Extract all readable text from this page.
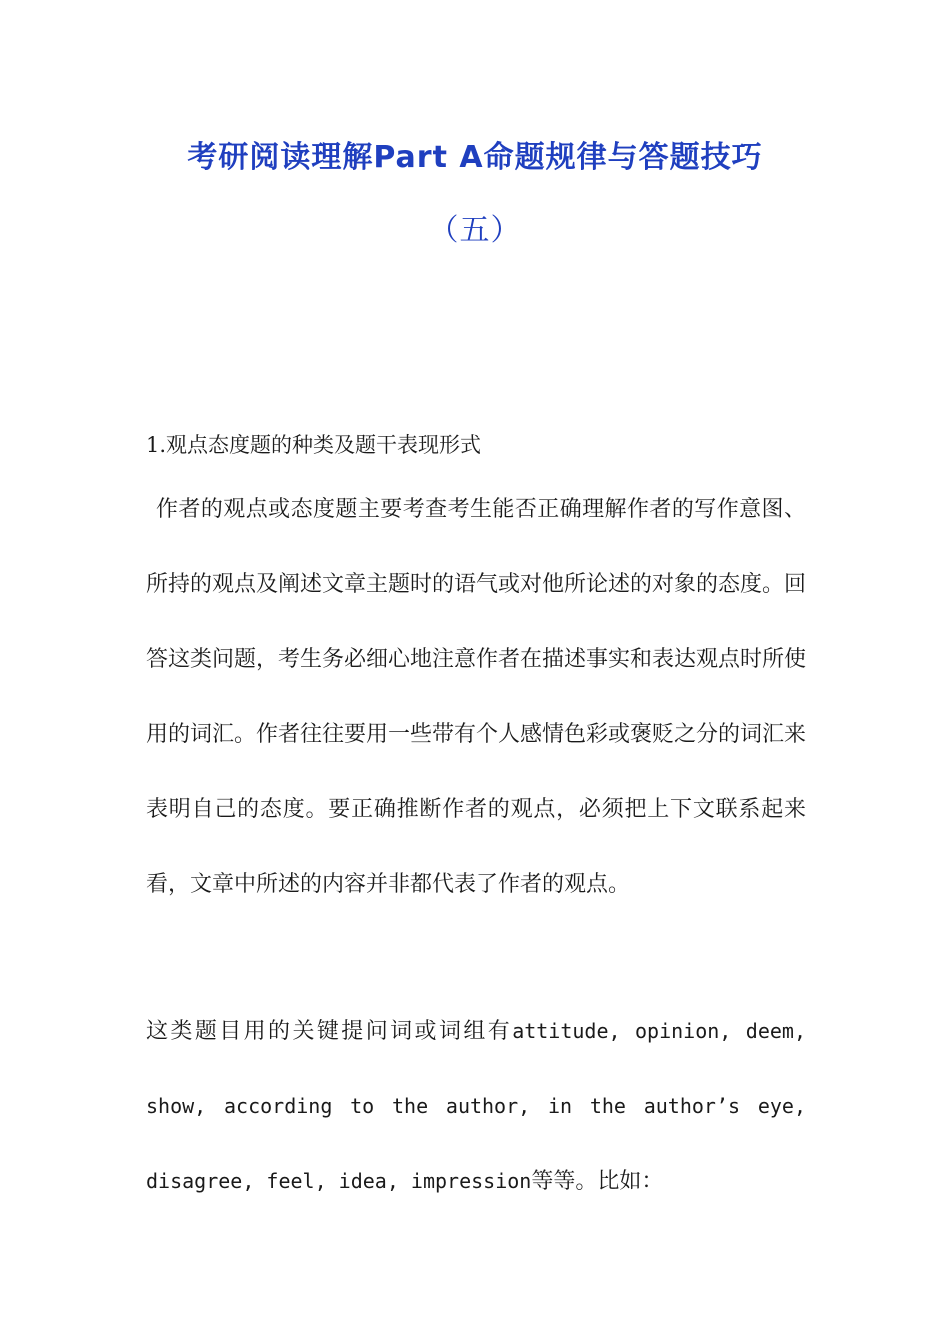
考研阅读理解Part A命题规律与答题技巧
（五）

1.观点态度题的种类及题干表现形式

作者的观点或态度题主要考查考生能否正确理解作者的写作意图、所持的观点及阐述文章主题时的语气或对他所论述的对象的态度。回答这类问题，考生务必细心地注意作者在描述事实和表达观点时所使用的词汇。作者往往要用一些带有个人感情色彩或褒贬之分的词汇来表明自己的态度。要正确推断作者的观点，必须把上下文联系起来看，文章中所述的内容并非都代表了作者的观点。

这类题目用的关键提问词或词组有attitude, opinion, deem, show, according to the author, in the author’s eye, disagree, feel, idea, impression等等。比如：
